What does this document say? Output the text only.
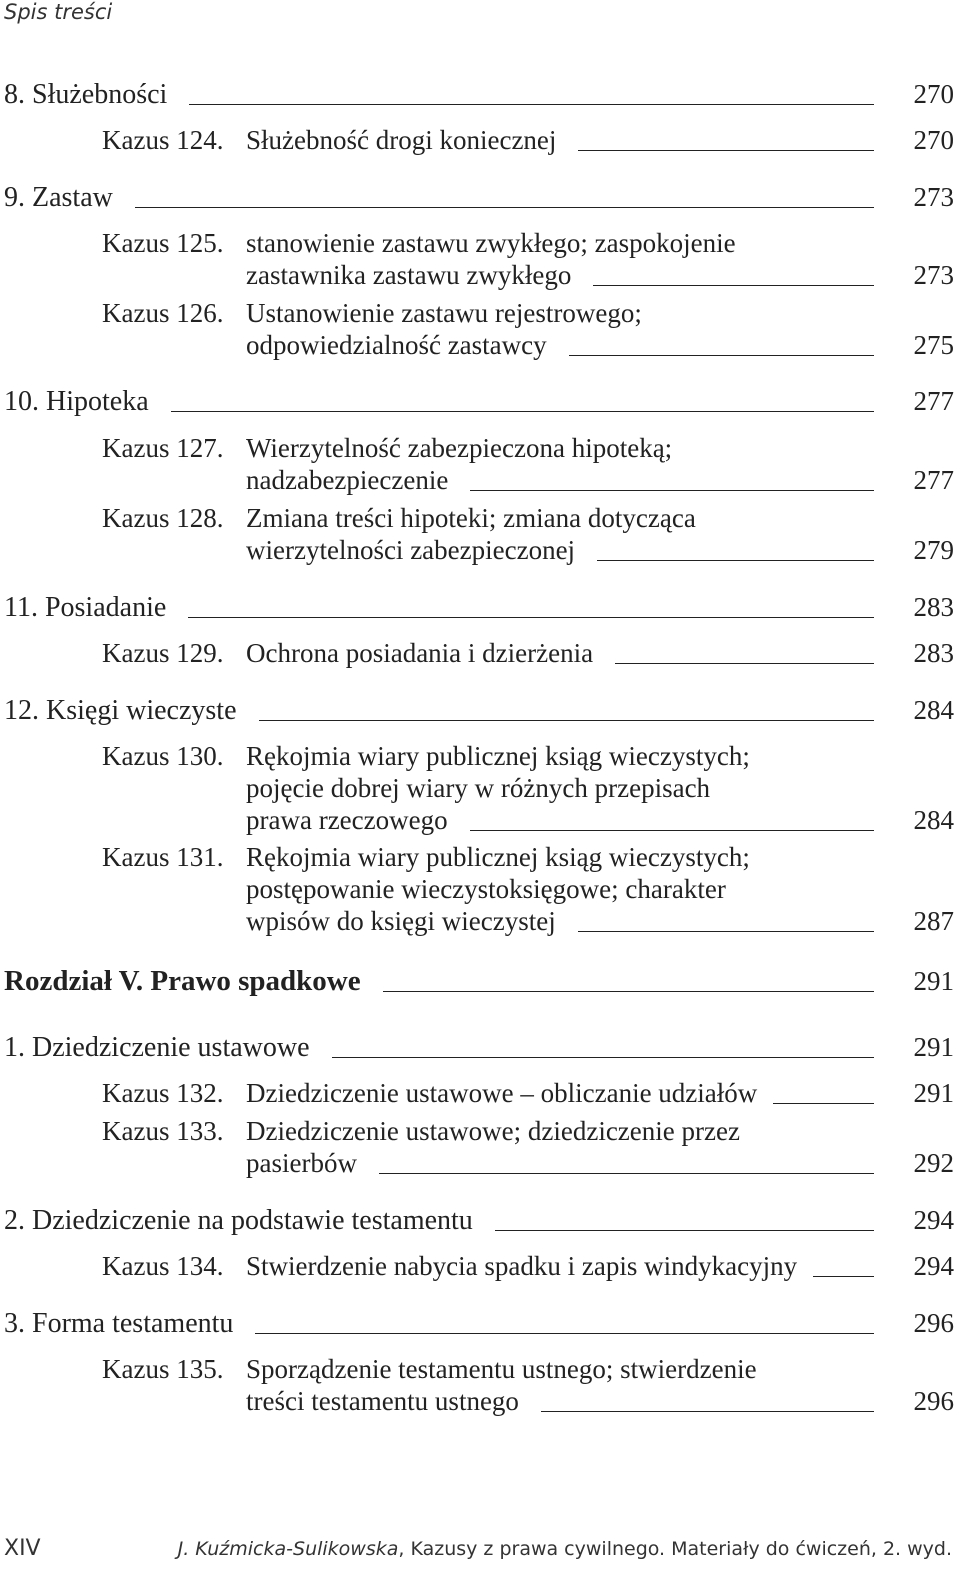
Spis treści
8. Służebności	270
Kazus 124. Służebność drogi koniecznej	270
9. Zastaw	273
Kazus 125. stanowienie zastawu zwykłego; zaspokojenie
zastawnika zastawu zwykłego	273
Kazus 126. Ustanowienie zastawu rejestrowego;
odpowiedzialność zastawcy	275
10. Hipoteka	277
Kazus 127. Wierzytelność zabezpieczona hipoteką;
nadzabezpieczenie	277
Kazus 128. Zmiana treści hipoteki; zmiana dotycząca
wierzytelności zabezpieczonej	279
11. Posiadanie	283
Kazus 129. Ochrona posiadania i dzierżenia	283
12. Księgi wieczyste	284
Kazus 130. Rękojmia wiary publicznej ksiąg wieczystych;
pojęcie dobrej wiary w różnych przepisach
prawa rzeczowego	284
Kazus 131. Rękojmia wiary publicznej ksiąg wieczystych;
postępowanie wieczystoksięgowe; charakter
wpisów do księgi wieczystej	287
Rozdział V. Prawo spadkowe	291
1. Dziedziczenie ustawowe	291
Kazus 132. Dziedziczenie ustawowe – obliczanie udziałów	291
Kazus 133. Dziedziczenie ustawowe; dziedziczenie przez
pasierbów	292
2. Dziedziczenie na podstawie testamentu	294
Kazus 134. Stwierdzenie nabycia spadku i zapis windykacyjny	294
3. Forma testamentu	296
Kazus 135. Sporządzenie testamentu ustnego; stwierdzenie
treści testamentu ustnego	296
XIV	J. Kuźmicka-Sulikowska, Kazusy z prawa cywilnego. Materiały do ćwiczeń, 2. wyd.
